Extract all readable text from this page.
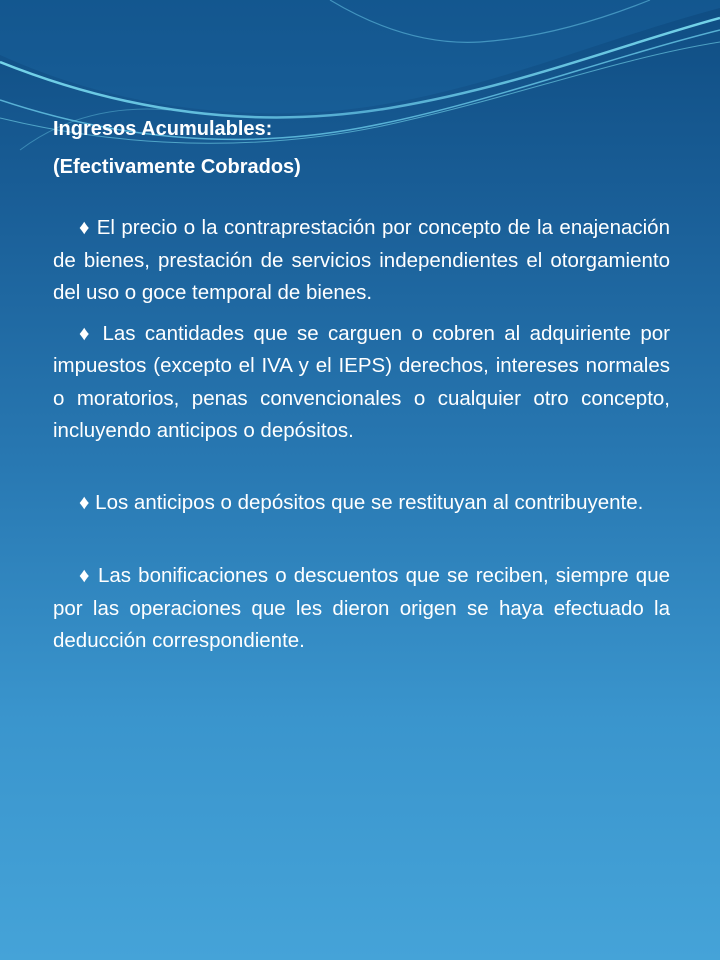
Ingresos Acumulables:

(Efectivamente Cobrados)

♦ El precio o la contraprestación por concepto de la enajenación de bienes, prestación de servicios independientes el otorgamiento del uso o goce temporal de bienes.

♦ Las cantidades que se carguen o cobren al adquiriente por impuestos (excepto el IVA y el IEPS) derechos, intereses normales o moratorios, penas convencionales o cualquier otro concepto, incluyendo anticipos o depósitos.

♦ Los anticipos o depósitos que se restituyan al contribuyente.

♦ Las bonificaciones o descuentos que se reciben, siempre que por las operaciones que les dieron origen se haya efectuado la deducción correspondiente.
